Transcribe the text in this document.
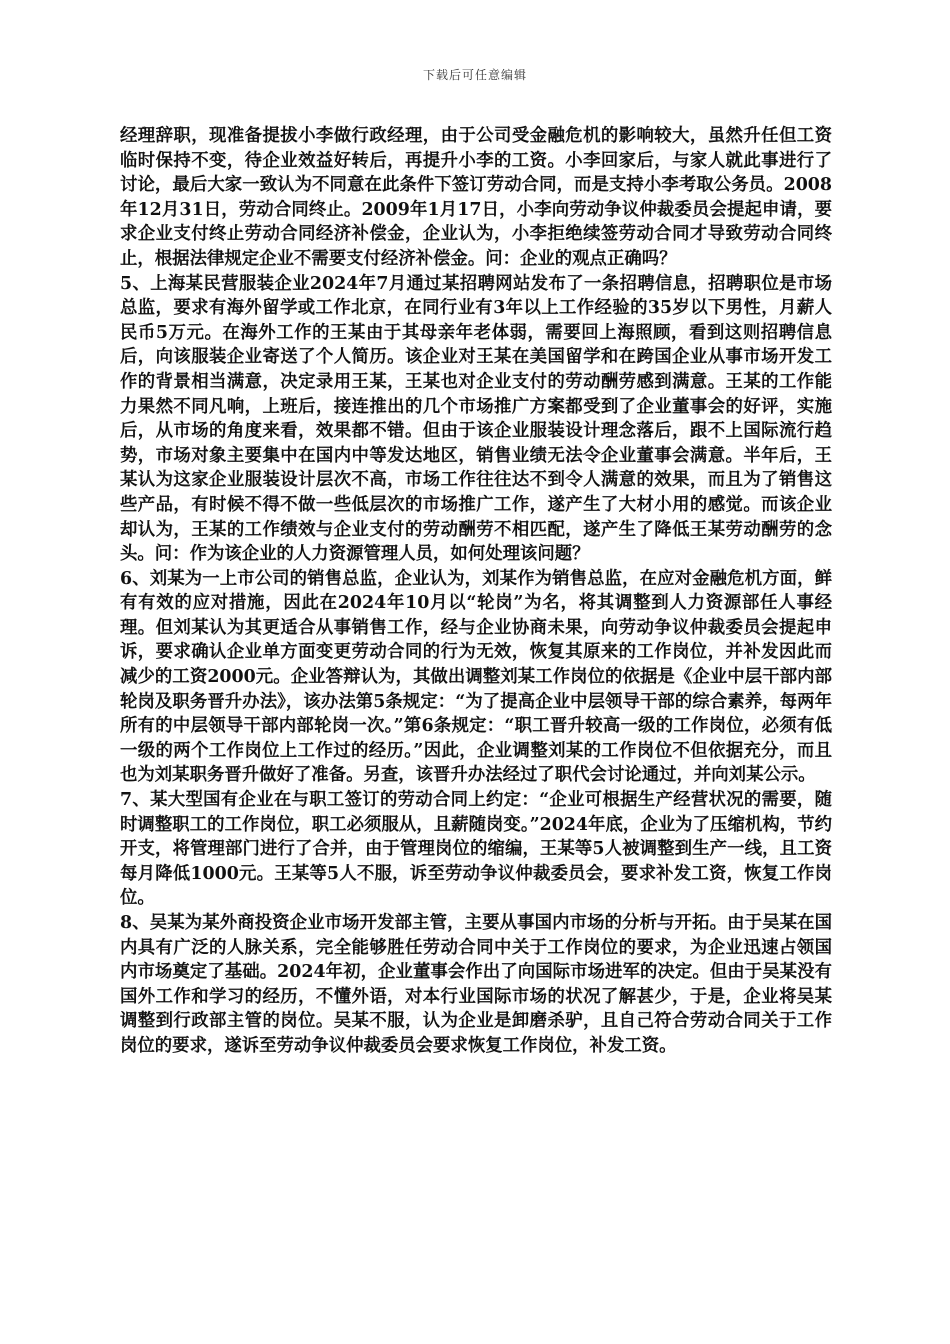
下载后可任意编辑

经理辞职，现准备提拔小李做行政经理，由于公司受金融危机的影响较大，虽然升任但工资临时保持不变，待企业效益好转后，再提升小李的工资。小李回家后，与家人就此事进行了讨论，最后大家一致认为不同意在此条件下签订劳动合同，而是支持小李考取公务员。2008年12月31日，劳动合同终止。2009年1月17日，小李向劳动争议仲裁委员会提起申请，要求企业支付终止劳动合同经济补偿金，企业认为，小李拒绝续签劳动合同才导致劳动合同终止，根据法律规定企业不需要支付经济补偿金。问：企业的观点正确吗？

5、上海某民营服装企业2024年7月通过某招聘网站发布了一条招聘信息，招聘职位是市场总监，要求有海外留学或工作北京，在同行业有3年以上工作经验的35岁以下男性，月薪人民币5万元。在海外工作的王某由于其母亲年老体弱，需要回上海照顾，看到这则招聘信息后，向该服装企业寄送了个人简历。该企业对王某在美国留学和在跨国企业从事市场开发工作的背景相当满意，决定录用王某，王某也对企业支付的劳动酬劳感到满意。王某的工作能力果然不同凡响，上班后，接连推出的几个市场推广方案都受到了企业董事会的好评，实施后，从市场的角度来看，效果都不错。但由于该企业服装设计理念落后，跟不上国际流行趋势，市场对象主要集中在国内中等发达地区，销售业绩无法令企业董事会满意。半年后，王某认为这家企业服装设计层次不高，市场工作往往达不到令人满意的效果，而且为了销售这些产品，有时候不得不做一些低层次的市场推广工作，遂产生了大材小用的感觉。而该企业却认为，王某的工作绩效与企业支付的劳动酬劳不相匹配，遂产生了降低王某劳动酬劳的念头。问：作为该企业的人力资源管理人员，如何处理该问题？

6、刘某为一上市公司的销售总监，企业认为，刘某作为销售总监，在应对金融危机方面，鲜有有效的应对措施，因此在2024年10月以“轮岗”为名，将其调整到人力资源部任人事经理。但刘某认为其更适合从事销售工作，经与企业协商未果，向劳动争议仲裁委员会提起申诉，要求确认企业单方面变更劳动合同的行为无效，恢复其原来的工作岗位，并补发因此而减少的工资2000元。企业答辩认为，其做出调整刘某工作岗位的依据是《企业中层干部内部轮岗及职务晋升办法》，该办法第5条规定：“为了提高企业中层领导干部的综合素养，每两年所有的中层领导干部内部轮岗一次。”第6条规定：“职工晋升较高一级的工作岗位，必须有低一级的两个工作岗位上工作过的经历。”因此，企业调整刘某的工作岗位不但依据充分，而且也为刘某职务晋升做好了准备。另查，该晋升办法经过了职代会讨论通过，并向刘某公示。

7、某大型国有企业在与职工签订的劳动合同上约定：“企业可根据生产经营状况的需要，随时调整职工的工作岗位，职工必须服从，且薪随岗变。”2024年底，企业为了压缩机构，节约开支，将管理部门进行了合并，由于管理岗位的缩编，王某等5人被调整到生产一线，且工资每月降低1000元。王某等5人不服，诉至劳动争议仲裁委员会，要求补发工资，恢复工作岗位。

8、吴某为某外商投资企业市场开发部主管，主要从事国内市场的分析与开拓。由于吴某在国内具有广泛的人脉关系，完全能够胜任劳动合同中关于工作岗位的要求，为企业迅速占领国内市场奠定了基础。2024年初，企业董事会作出了向国际市场进军的决定。但由于吴某没有国外工作和学习的经历，不懂外语，对本行业国际市场的状况了解甚少，于是，企业将吴某调整到行政部主管的岗位。吴某不服，认为企业是卸磨杀驴，且自己符合劳动合同关于工作岗位的要求，遂诉至劳动争议仲裁委员会要求恢复工作岗位，补发工资。
